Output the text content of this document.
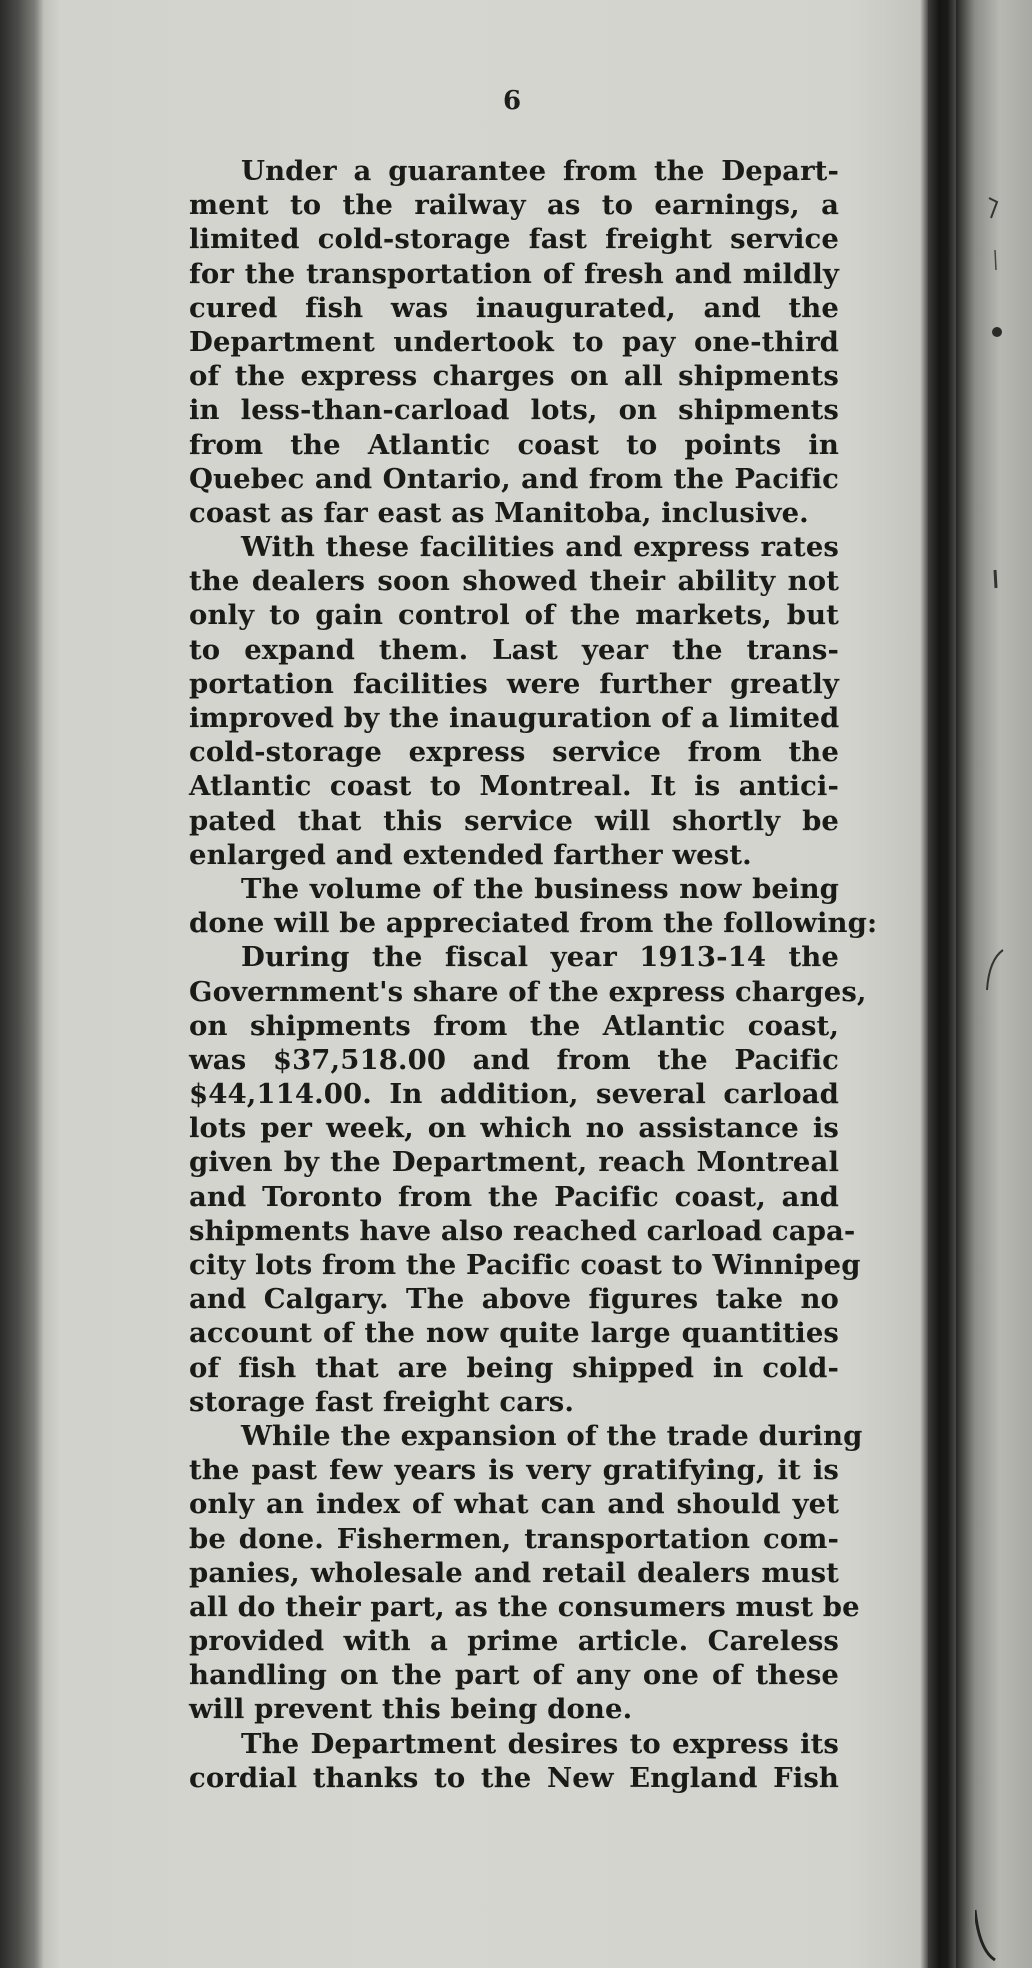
6
Under a guarantee from the Depart-
ment to the railway as to earnings, a
limited cold-storage fast freight service
for the transportation of fresh and mildly
cured fish was inaugurated, and the
Department undertook to pay one-third
of the express charges on all shipments
in less-than-carload lots, on shipments
from the Atlantic coast to points in
Quebec and Ontario, and from the Pacific
coast as far east as Manitoba, inclusive.
With these facilities and express rates
the dealers soon showed their ability not
only to gain control of the markets, but
to expand them. Last year the trans-
portation facilities were further greatly
improved by the inauguration of a limited
cold-storage express service from the
Atlantic coast to Montreal. It is antici-
pated that this service will shortly be
enlarged and extended farther west.
The volume of the business now being
done will be appreciated from the following:
During the fiscal year 1913-14 the
Government's share of the express charges,
on shipments from the Atlantic coast,
was $37,518.00 and from the Pacific
$44,114.00. In addition, several carload
lots per week, on which no assistance is
given by the Department, reach Montreal
and Toronto from the Pacific coast, and
shipments have also reached carload capa-
city lots from the Pacific coast to Winnipeg
and Calgary. The above figures take no
account of the now quite large quantities
of fish that are being shipped in cold-
storage fast freight cars.
While the expansion of the trade during
the past few years is very gratifying, it is
only an index of what can and should yet
be done. Fishermen, transportation com-
panies, wholesale and retail dealers must
all do their part, as the consumers must be
provided with a prime article. Careless
handling on the part of any one of these
will prevent this being done.
The Department desires to express its
cordial thanks to the New England Fish
